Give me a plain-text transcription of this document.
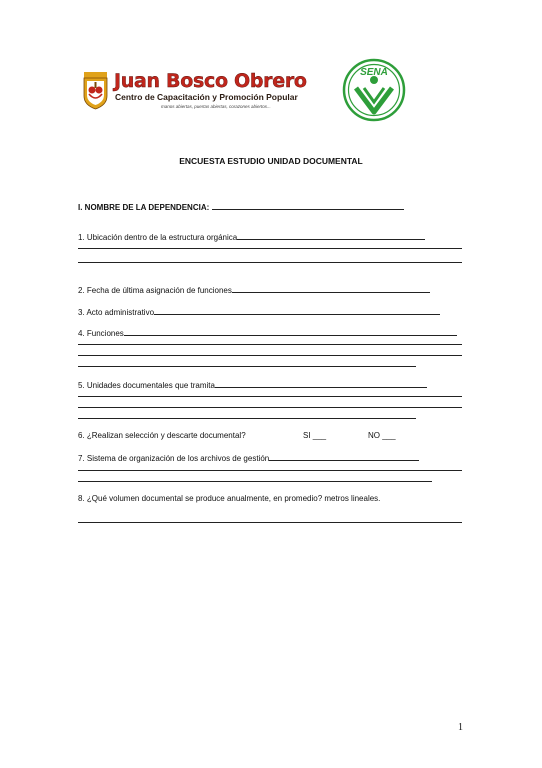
Juan Bosco Obrero
Centro de Capacitación y Promoción Popular
manos abiertas, puertas abiertas, corazones abiertos...
SENA
ENCUESTA ESTUDIO UNIDAD DOCUMENTAL
I. NOMBRE DE LA DEPENDENCIA:
1. Ubicación dentro de la estructura orgánica
2. Fecha de última asignación de funciones
3. Acto administrativo
4. Funciones
5. Unidades documentales que tramita
6. ¿Realizan selección y descarte documental?	SI ___	NO ___
7. Sistema de organización de los archivos de gestión
8. ¿Qué volumen documental se produce anualmente, en promedio? metros lineales.
1
